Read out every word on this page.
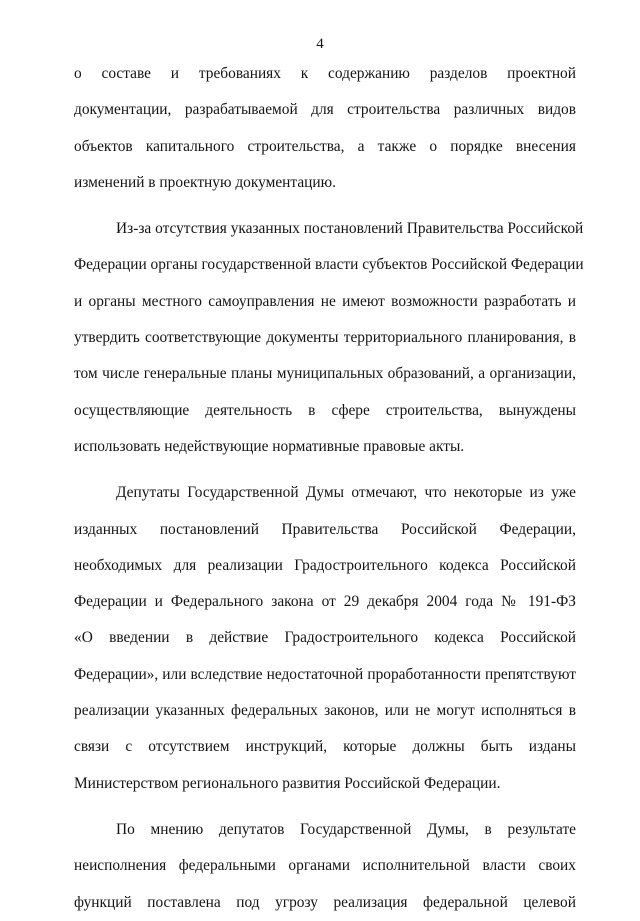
4
о составе и требованиях к содержанию разделов проектной
документации, разрабатываемой для строительства различных видов
объектов капитального строительства, а также о порядке внесения
изменений в проектную документацию.
Из-за отсутствия указанных постановлений Правительства Российской
Федерации органы государственной власти субъектов Российской Федерации
и органы местного самоуправления не имеют возможности разработать и
утвердить соответствующие документы территориального планирования, в
том числе генеральные планы муниципальных образований, а организации,
осуществляющие деятельность в сфере строительства, вынуждены
использовать недействующие нормативные правовые акты.
Депутаты Государственной Думы отмечают, что некоторые из уже
изданных постановлений Правительства Российской Федерации,
необходимых для реализации Градостроительного кодекса Российской
Федерации и Федерального закона от 29 декабря 2004 года № 191-ФЗ
«О введении в действие Градостроительного кодекса Российской
Федерации», или вследствие недостаточной проработанности препятствуют
реализации указанных федеральных законов, или не могут исполняться в
связи с отсутствием инструкций, которые должны быть изданы
Министерством регионального развития Российской Федерации.
По мнению депутатов Государственной Думы, в результате
неисполнения федеральными органами исполнительной власти своих
функций поставлена под угрозу реализация федеральной целевой
